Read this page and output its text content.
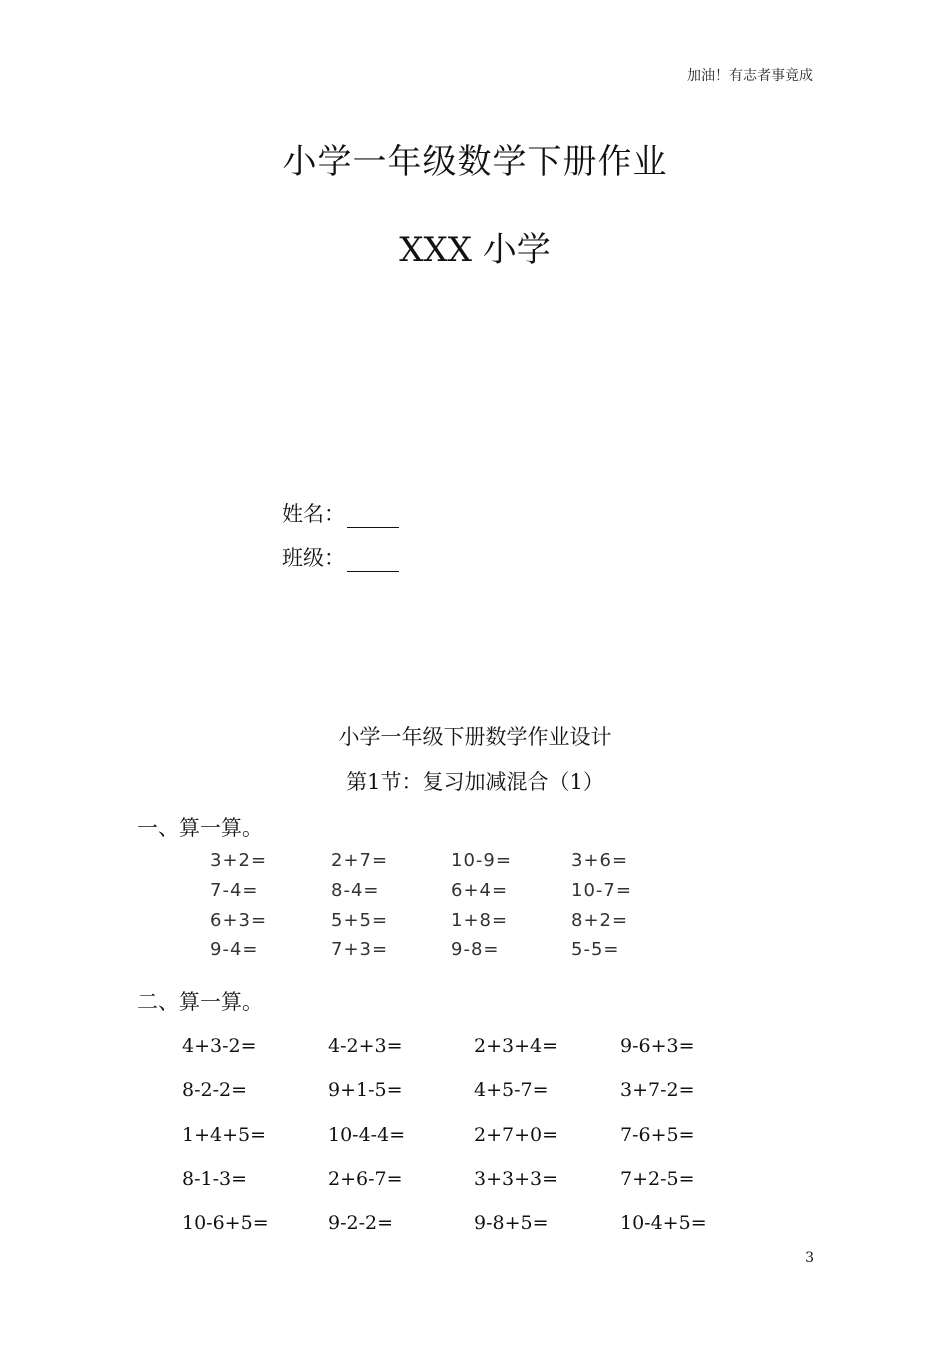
加油！有志者事竟成
小学一年级数学下册作业
XXX 小学
姓名：
班级：
小学一年级下册数学作业设计
第1节：复习加减混合（1）
一、算一算。
3+2=	2+7=	10-9=	3+6=
7-4=	8-4=	6+4=	10-7=
6+3=	5+5=	1+8=	8+2=
9-4=	7+3=	9-8=	5-5=
二、算一算。
4+3-2=	4-2+3=	2+3+4=	9-6+3=
8-2-2=	9+1-5=	4+5-7=	3+7-2=
1+4+5=	10-4-4=	2+7+0=	7-6+5=
8-1-3=	2+6-7=	3+3+3=	7+2-5=
10-6+5=	9-2-2=	9-8+5=	10-4+5=
3
